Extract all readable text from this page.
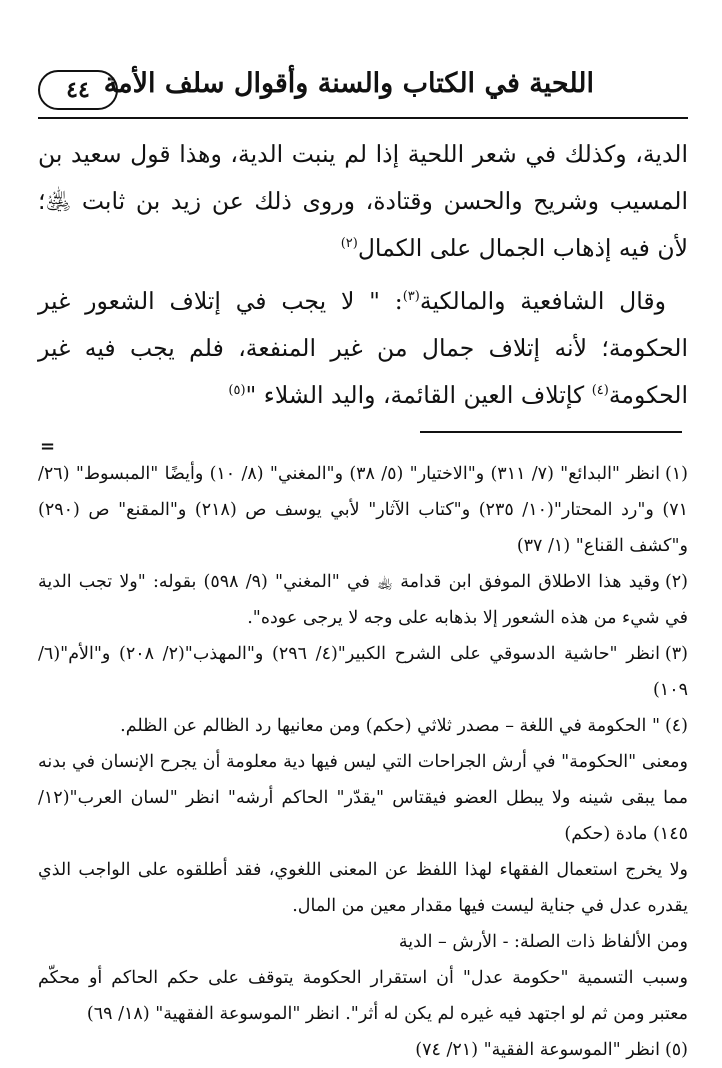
اللحية في الكتاب والسنة وأقوال سلف الأمة
٤٤

الدية، وكذلك في شعر اللحية إذا لم ينبت الدية، وهذا قول سعيد بن المسيب وشريح والحسن وقتادة، وروى ذلك عن زيد بن ثابت ﵁؛ لأن فيه إذهاب الجمال على الكمال$^{(٢)}$

وقال الشافعية والمالكية$^{(٣)}$: " لا يجب في إتلاف الشعور غير الحكومة؛ لأنه إتلاف جمال من غير المنفعة، فلم يجب فيه غير الحكومة$^{(٤)}$ كإتلاف العين القائمة، واليد الشلاء "$^{(٥)}$

=

(١)انظر "البدائع" (٧/ ٣١١) و"الاختيار" (٥/ ٣٨) و"المغني" (٨/ ١٠) وأيضًا "المبسوط" (٢٦/ ٧١) و"رد المحتار"(١٠/ ٢٣٥) و"كتاب الآثار" لأبي يوسف ص (٢١٨) و"المقنع" ص (٢٩٠) و"كشف القناع" (١/ ٣٧)

(٢)وقيد هذا الاطلاق الموفق ابن قدامة ﵀ في "المغني" (٩/ ٥٩٨) بقوله: "ولا تجب الدية في شيء من هذه الشعور إلا بذهابه على وجه لا يرجى عوده".

(٣)انظر "حاشية الدسوقي على الشرح الكبير"(٤/ ٢٩٦) و"المهذب"(٢/ ٢٠٨) و"الأم"(٦/ ١٠٩)

(٤)" الحكومة في اللغة – مصدر ثلاثي (حكم) ومن معانيها رد الظالم عن الظلم.

ومعنى "الحكومة" في أرش الجراحات التي ليس فيها دية معلومة أن يجرح الإنسان في بدنه مما يبقى شينه ولا يبطل العضو فيقتاس "يقدّر" الحاكم أرشه" انظر "لسان العرب"(١٢/ ١٤٥) مادة (حكم)

ولا يخرج استعمال الفقهاء لهذا اللفظ عن المعنى اللغوي، فقد أطلقوه على الواجب الذي يقدره عدل في جناية ليست فيها مقدار معين من المال.

ومن الألفاظ ذات الصلة: - الأرش – الدية

وسبب التسمية "حكومة عدل" أن استقرار الحكومة يتوقف على حكم الحاكم أو محكّم معتبر ومن ثم لو اجتهد فيه غيره لم يكن له أثر". انظر "الموسوعة الفقهية" (١٨/ ٦٩)

(٥)انظر "الموسوعة الفقية" (٢١/ ٧٤)
